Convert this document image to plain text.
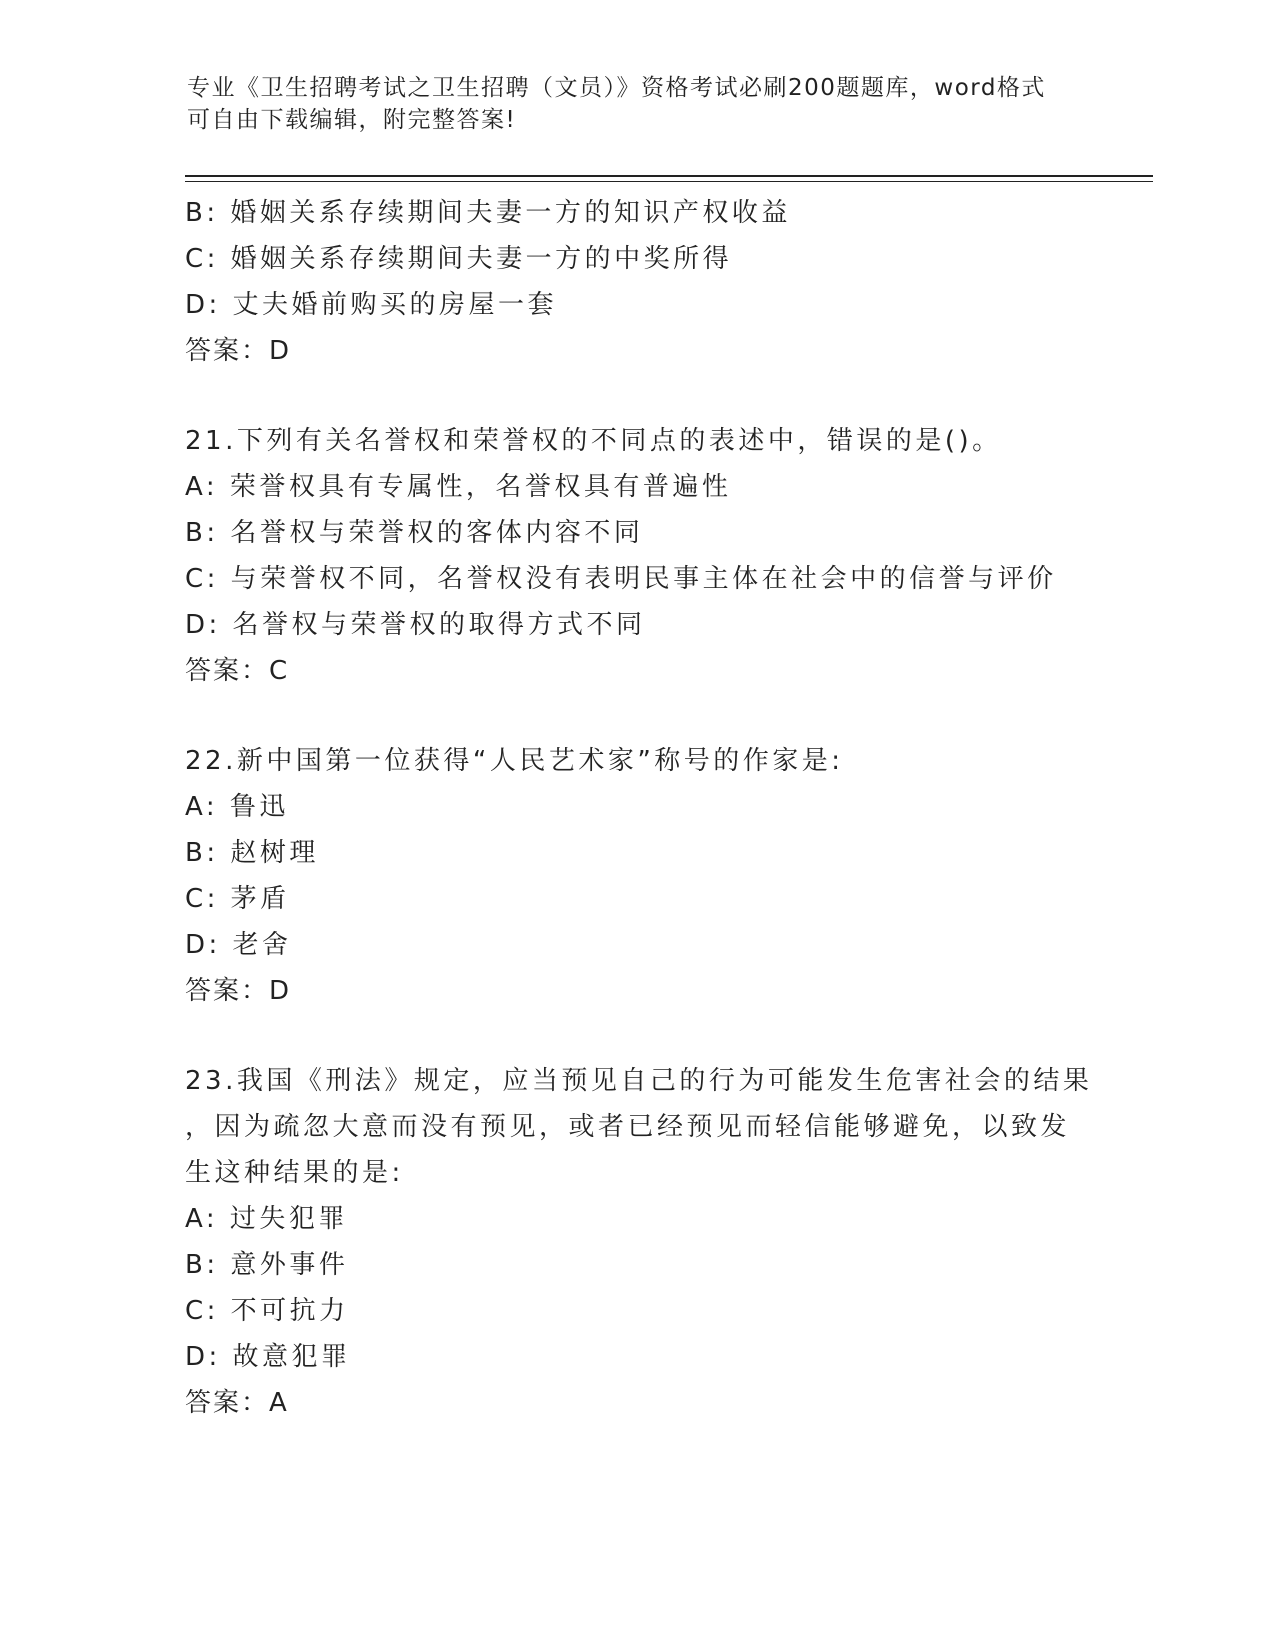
专业《卫生招聘考试之卫生招聘（文员）》资格考试必刷200题题库，word格式
可自由下载编辑，附完整答案!
B: 婚姻关系存续期间夫妻一方的知识产权收益
C: 婚姻关系存续期间夫妻一方的中奖所得
D: 丈夫婚前购买的房屋一套
答案：D
21.下列有关名誉权和荣誉权的不同点的表述中，错误的是()。
A: 荣誉权具有专属性，名誉权具有普遍性
B: 名誉权与荣誉权的客体内容不同
C: 与荣誉权不同，名誉权没有表明民事主体在社会中的信誉与评价
D: 名誉权与荣誉权的取得方式不同
答案：C
22.新中国第一位获得“人民艺术家”称号的作家是:
A: 鲁迅
B: 赵树理
C: 茅盾
D: 老舍
答案：D
23.我国《刑法》规定，应当预见自己的行为可能发生危害社会的结果
，因为疏忽大意而没有预见，或者已经预见而轻信能够避免，以致发
生这种结果的是:
A: 过失犯罪
B: 意外事件
C: 不可抗力
D: 故意犯罪
答案：A
